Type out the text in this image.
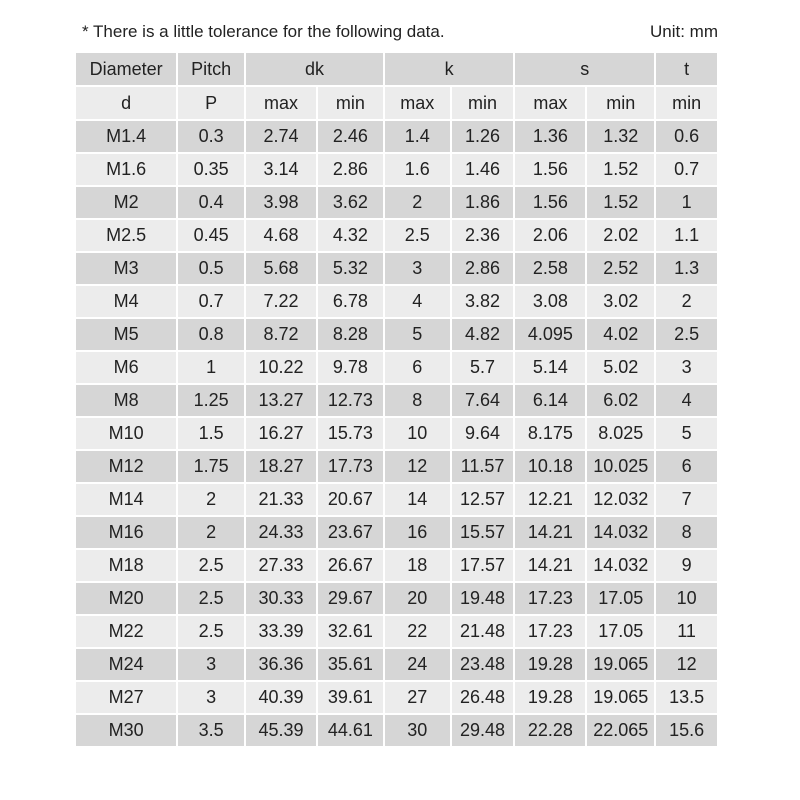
* There is a little tolerance for the following data.	Unit: mm
Diameter	Pitch	dk		k		s		t
d	P	max	min	max	min	max	min	min
M1.4	0.3	2.74	2.46	1.4	1.26	1.36	1.32	0.6
M1.6	0.35	3.14	2.86	1.6	1.46	1.56	1.52	0.7
M2	0.4	3.98	3.62	2	1.86	1.56	1.52	1
M2.5	0.45	4.68	4.32	2.5	2.36	2.06	2.02	1.1
M3	0.5	5.68	5.32	3	2.86	2.58	2.52	1.3
M4	0.7	7.22	6.78	4	3.82	3.08	3.02	2
M5	0.8	8.72	8.28	5	4.82	4.095	4.02	2.5
M6	1	10.22	9.78	6	5.7	5.14	5.02	3
M8	1.25	13.27	12.73	8	7.64	6.14	6.02	4
M10	1.5	16.27	15.73	10	9.64	8.175	8.025	5
M12	1.75	18.27	17.73	12	11.57	10.18	10.025	6
M14	2	21.33	20.67	14	12.57	12.21	12.032	7
M16	2	24.33	23.67	16	15.57	14.21	14.032	8
M18	2.5	27.33	26.67	18	17.57	14.21	14.032	9
M20	2.5	30.33	29.67	20	19.48	17.23	17.05	10
M22	2.5	33.39	32.61	22	21.48	17.23	17.05	11
M24	3	36.36	35.61	24	23.48	19.28	19.065	12
M27	3	40.39	39.61	27	26.48	19.28	19.065	13.5
M30	3.5	45.39	44.61	30	29.48	22.28	22.065	15.6
